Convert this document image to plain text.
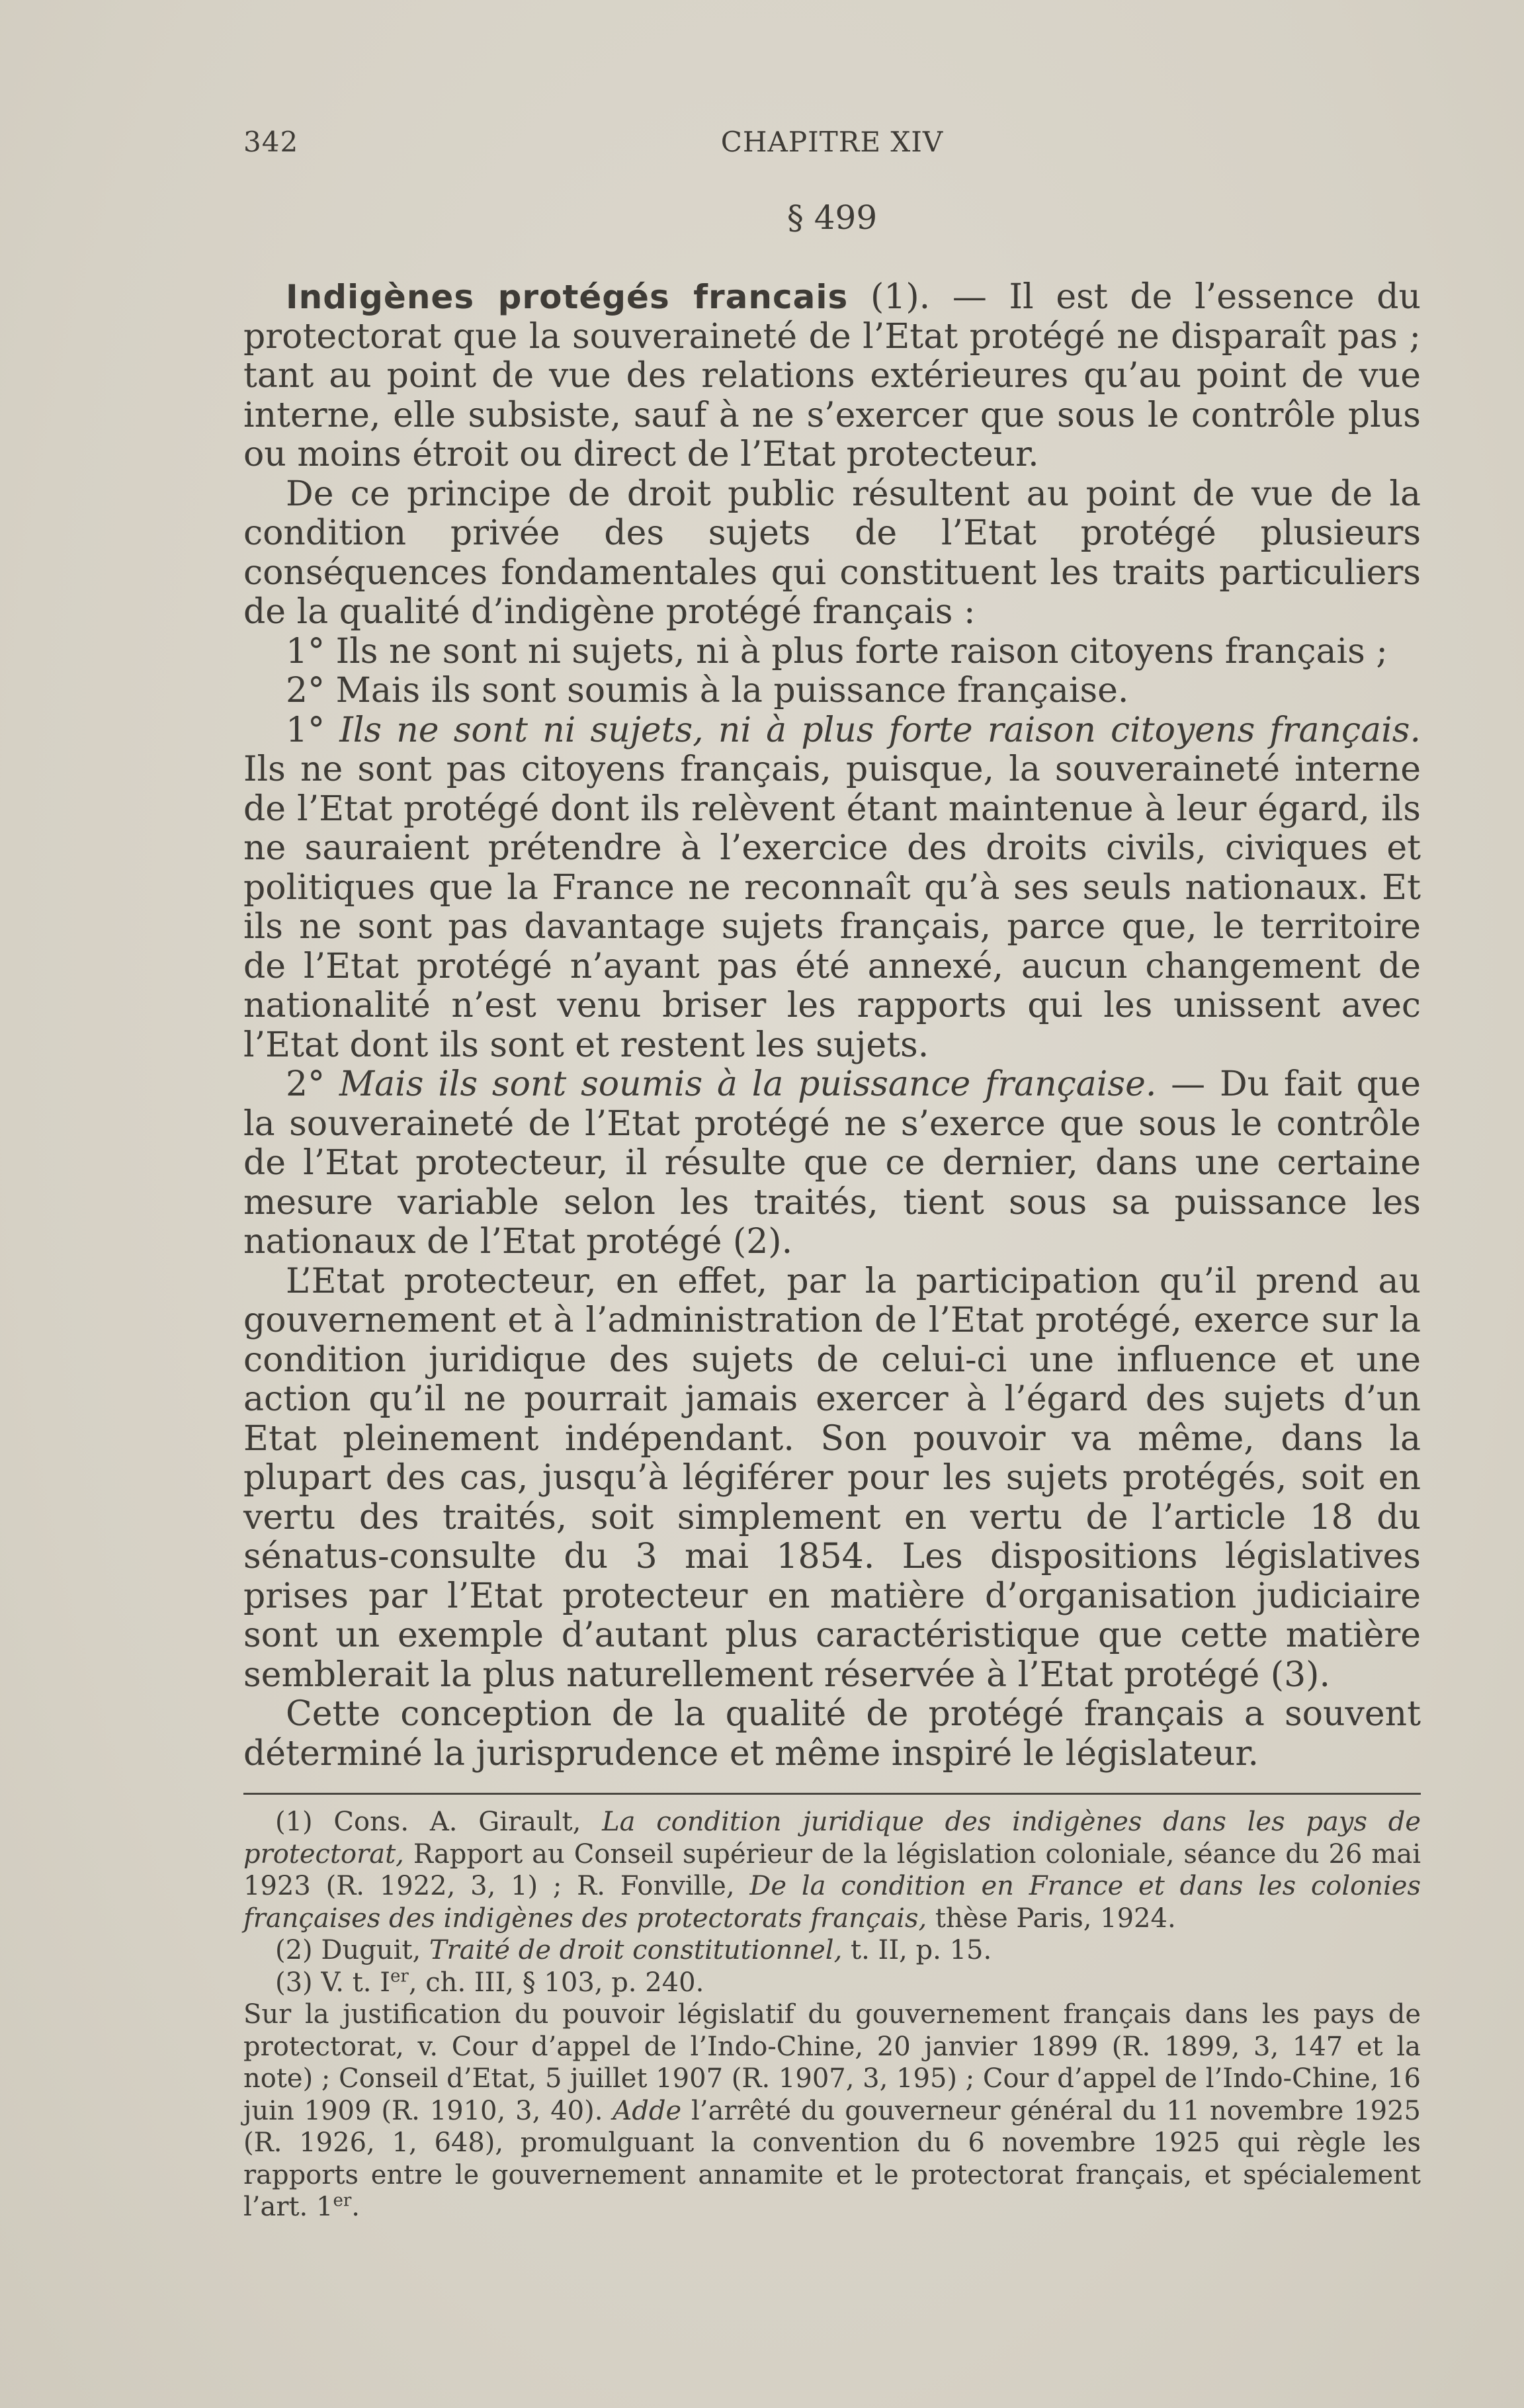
342	CHAPITRE XIV
§ 499

Indigènes protégés francais (1). — Il est de l’essence du protectorat que la souveraineté de l’Etat protégé ne disparaît pas ; tant au point de vue des relations extérieures qu’au point de vue interne, elle subsiste, sauf à ne s’exercer que sous le contrôle plus ou moins étroit ou direct de l’Etat protecteur.

De ce principe de droit public résultent au point de vue de la condition privée des sujets de l’Etat protégé plusieurs conséquences fondamentales qui constituent les traits particuliers de la qualité d’indigène protégé français :

1° Ils ne sont ni sujets, ni à plus forte raison citoyens français ;

2° Mais ils sont soumis à la puissance française.

1° Ils ne sont ni sujets, ni à plus forte raison citoyens français. Ils ne sont pas citoyens français, puisque, la souveraineté interne de l’Etat protégé dont ils relèvent étant maintenue à leur égard, ils ne sauraient prétendre à l’exercice des droits civils, civiques et politiques que la France ne reconnaît qu’à ses seuls nationaux. Et ils ne sont pas davantage sujets français, parce que, le territoire de l’Etat protégé n’ayant pas été annexé, aucun changement de nationalité n’est venu briser les rapports qui les unissent avec l’Etat dont ils sont et restent les sujets.

2° Mais ils sont soumis à la puissance française. — Du fait que la souveraineté de l’Etat protégé ne s’exerce que sous le contrôle de l’Etat protecteur, il résulte que ce dernier, dans une certaine mesure variable selon les traités, tient sous sa puissance les nationaux de l’Etat protégé (2).

L’Etat protecteur, en effet, par la participation qu’il prend au gouvernement et à l’administration de l’Etat protégé, exerce sur la condition juridique des sujets de celui-ci une influence et une action qu’il ne pourrait jamais exercer à l’égard des sujets d’un Etat pleinement indépendant. Son pouvoir va même, dans la plupart des cas, jusqu’à légiférer pour les sujets protégés, soit en vertu des traités, soit simplement en vertu de l’article 18 du sénatus-consulte du 3 mai 1854. Les dispositions législatives prises par l’Etat protecteur en matière d’organisation judiciaire sont un exemple d’autant plus caractéristique que cette matière semblerait la plus naturellement réservée à l’Etat protégé (3).

Cette conception de la qualité de protégé français a souvent déterminé la jurisprudence et même inspiré le législateur.

(1) Cons. A. Girault, La condition juridique des indigènes dans les pays de protectorat, Rapport au Conseil supérieur de la législation coloniale, séance du 26 mai 1923 (R. 1922, 3, 1) ; R. Fonville, De la condition en France et dans les colonies françaises des indigènes des protectorats français, thèse Paris, 1924.

(2) Duguit, Traité de droit constitutionnel, t. II, p. 15.

(3) V. t. Ier, ch. III, § 103, p. 240.

Sur la justification du pouvoir législatif du gouvernement français dans les pays de protectorat, v. Cour d’appel de l’Indo-Chine, 20 janvier 1899 (R. 1899, 3, 147 et la note) ; Conseil d’Etat, 5 juillet 1907 (R. 1907, 3, 195) ; Cour d’appel de l’Indo-Chine, 16 juin 1909 (R. 1910, 3, 40). Adde l’arrêté du gouverneur général du 11 novembre 1925 (R. 1926, 1, 648), promulguant la convention du 6 novembre 1925 qui règle les rapports entre le gouvernement annamite et le protectorat français, et spécialement l’art. 1er.
